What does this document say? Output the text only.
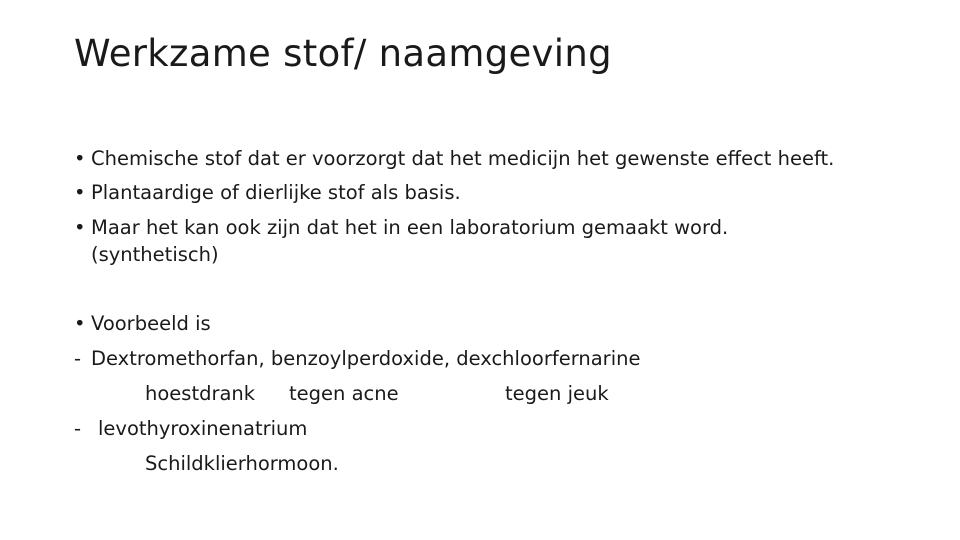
Werkzame stof/ naamgeving
• Chemische stof dat er voorzorgt dat het medicijn het gewenste effect heeft.
• Plantaardige of dierlijke stof als basis.
• Maar het kan ook zijn dat het in een laboratorium gemaakt word.
(synthetisch)
• Voorbeeld is
- Dextromethorfan, benzoylperdoxide, dexchloorfernarine
hoestdrank tegen acne	tegen jeuk
- levothyroxinenatrium
Schildklierhormoon.
